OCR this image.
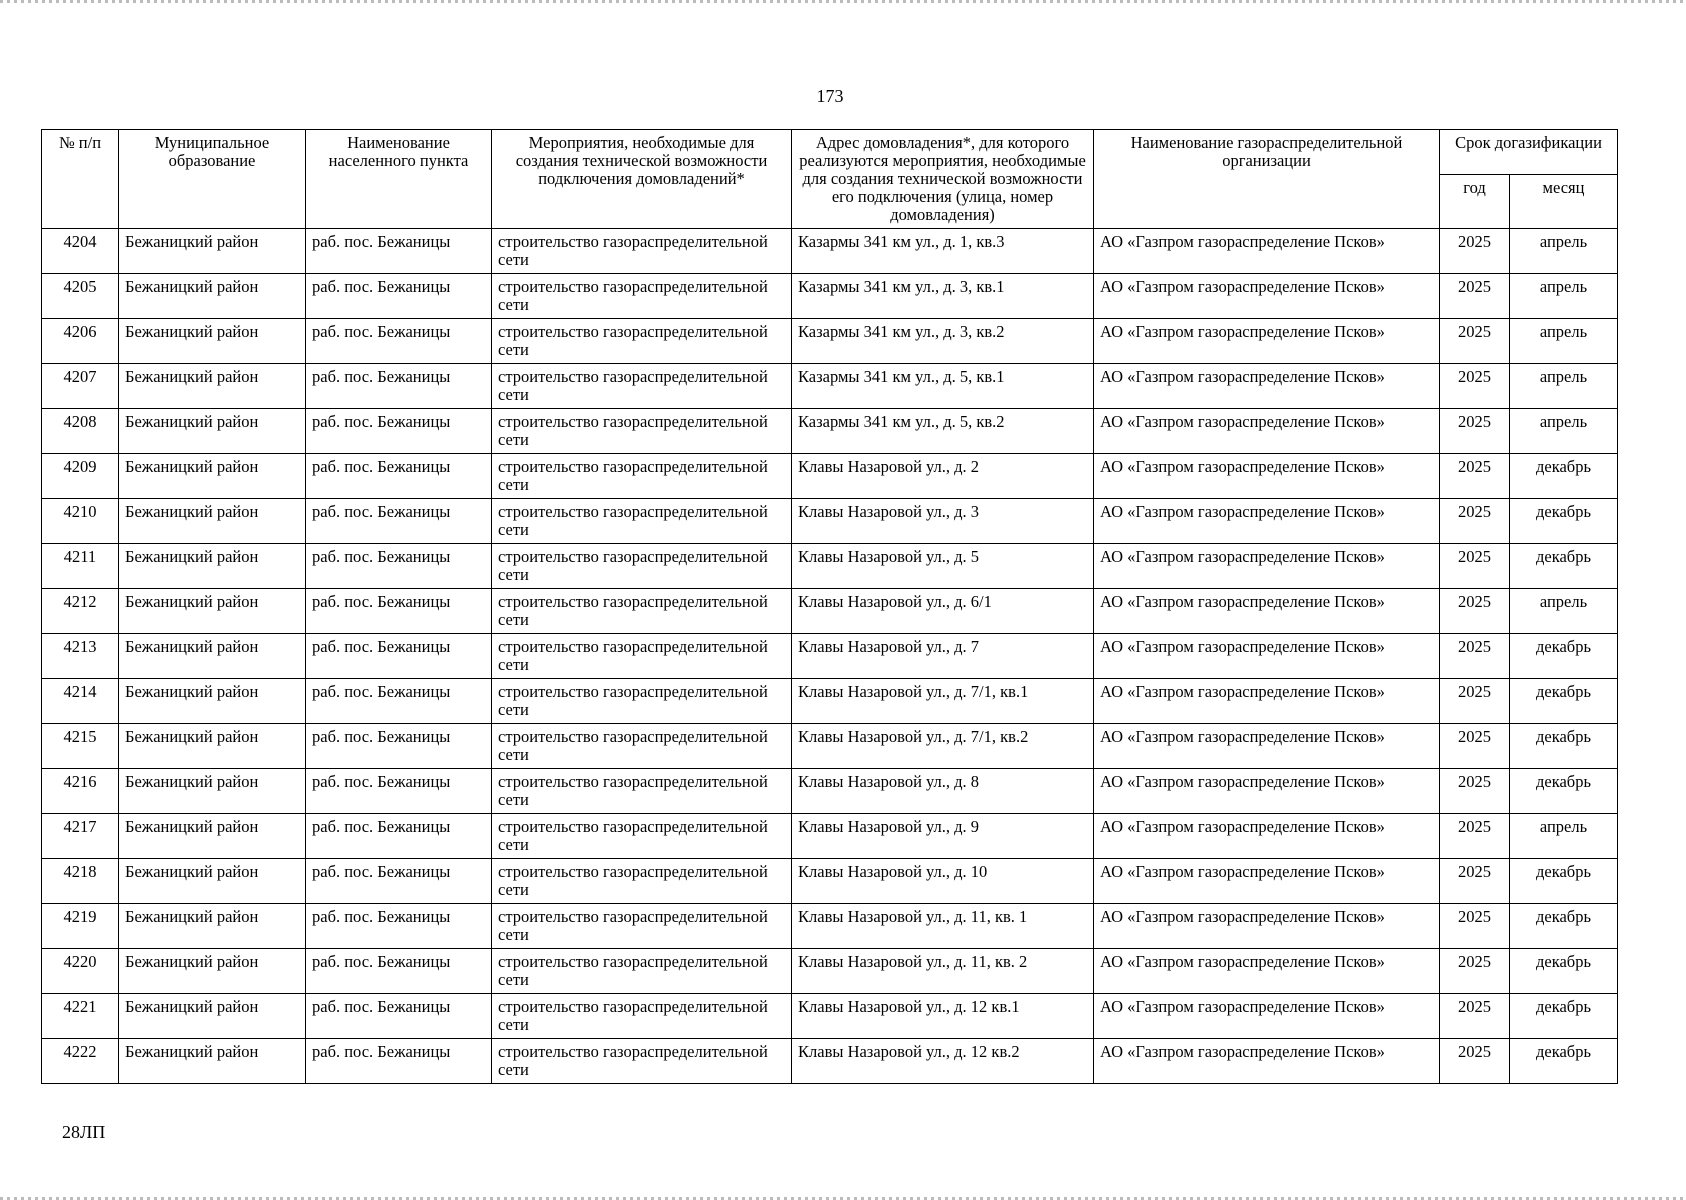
173
№ п/п	Муниципальное образование	Наименование населенного пункта	Мероприятия, необходимые для создания технической возможности подключения домовладений*	Адрес домовладения*, для которого реализуются мероприятия, необходимые для создания технической возможности его подключения (улица, номер домовладения)	Наименование газораспределительной организации	Срок догазификации	
						год	месяц
4204	Бежаницкий район	раб. пос. Бежаницы	строительство газораспределительной сети	Казармы 341 км ул., д. 1, кв.3	АО «Газпром газораспределение Псков»	2025	апрель
4205	Бежаницкий район	раб. пос. Бежаницы	строительство газораспределительной сети	Казармы 341 км ул., д. 3, кв.1	АО «Газпром газораспределение Псков»	2025	апрель
4206	Бежаницкий район	раб. пос. Бежаницы	строительство газораспределительной сети	Казармы 341 км ул., д. 3, кв.2	АО «Газпром газораспределение Псков»	2025	апрель
4207	Бежаницкий район	раб. пос. Бежаницы	строительство газораспределительной сети	Казармы 341 км ул., д. 5, кв.1	АО «Газпром газораспределение Псков»	2025	апрель
4208	Бежаницкий район	раб. пос. Бежаницы	строительство газораспределительной сети	Казармы 341 км ул., д. 5, кв.2	АО «Газпром газораспределение Псков»	2025	апрель
4209	Бежаницкий район	раб. пос. Бежаницы	строительство газораспределительной сети	Клавы Назаровой ул., д. 2	АО «Газпром газораспределение Псков»	2025	декабрь
4210	Бежаницкий район	раб. пос. Бежаницы	строительство газораспределительной сети	Клавы Назаровой ул., д. 3	АО «Газпром газораспределение Псков»	2025	декабрь
4211	Бежаницкий район	раб. пос. Бежаницы	строительство газораспределительной сети	Клавы Назаровой ул., д. 5	АО «Газпром газораспределение Псков»	2025	декабрь
4212	Бежаницкий район	раб. пос. Бежаницы	строительство газораспределительной сети	Клавы Назаровой ул., д. 6/1	АО «Газпром газораспределение Псков»	2025	апрель
4213	Бежаницкий район	раб. пос. Бежаницы	строительство газораспределительной сети	Клавы Назаровой ул., д. 7	АО «Газпром газораспределение Псков»	2025	декабрь
4214	Бежаницкий район	раб. пос. Бежаницы	строительство газораспределительной сети	Клавы Назаровой ул., д. 7/1, кв.1	АО «Газпром газораспределение Псков»	2025	декабрь
4215	Бежаницкий район	раб. пос. Бежаницы	строительство газораспределительной сети	Клавы Назаровой ул., д. 7/1, кв.2	АО «Газпром газораспределение Псков»	2025	декабрь
4216	Бежаницкий район	раб. пос. Бежаницы	строительство газораспределительной сети	Клавы Назаровой ул., д. 8	АО «Газпром газораспределение Псков»	2025	декабрь
4217	Бежаницкий район	раб. пос. Бежаницы	строительство газораспределительной сети	Клавы Назаровой ул., д. 9	АО «Газпром газораспределение Псков»	2025	апрель
4218	Бежаницкий район	раб. пос. Бежаницы	строительство газораспределительной сети	Клавы Назаровой ул., д. 10	АО «Газпром газораспределение Псков»	2025	декабрь
4219	Бежаницкий район	раб. пос. Бежаницы	строительство газораспределительной сети	Клавы Назаровой ул., д. 11, кв. 1	АО «Газпром газораспределение Псков»	2025	декабрь
4220	Бежаницкий район	раб. пос. Бежаницы	строительство газораспределительной сети	Клавы Назаровой ул., д. 11, кв. 2	АО «Газпром газораспределение Псков»	2025	декабрь
4221	Бежаницкий район	раб. пос. Бежаницы	строительство газораспределительной сети	Клавы Назаровой ул., д. 12 кв.1	АО «Газпром газораспределение Псков»	2025	декабрь
4222	Бежаницкий район	раб. пос. Бежаницы	строительство газораспределительной сети	Клавы Назаровой ул., д. 12 кв.2	АО «Газпром газораспределение Псков»	2025	декабрь
28ЛП
